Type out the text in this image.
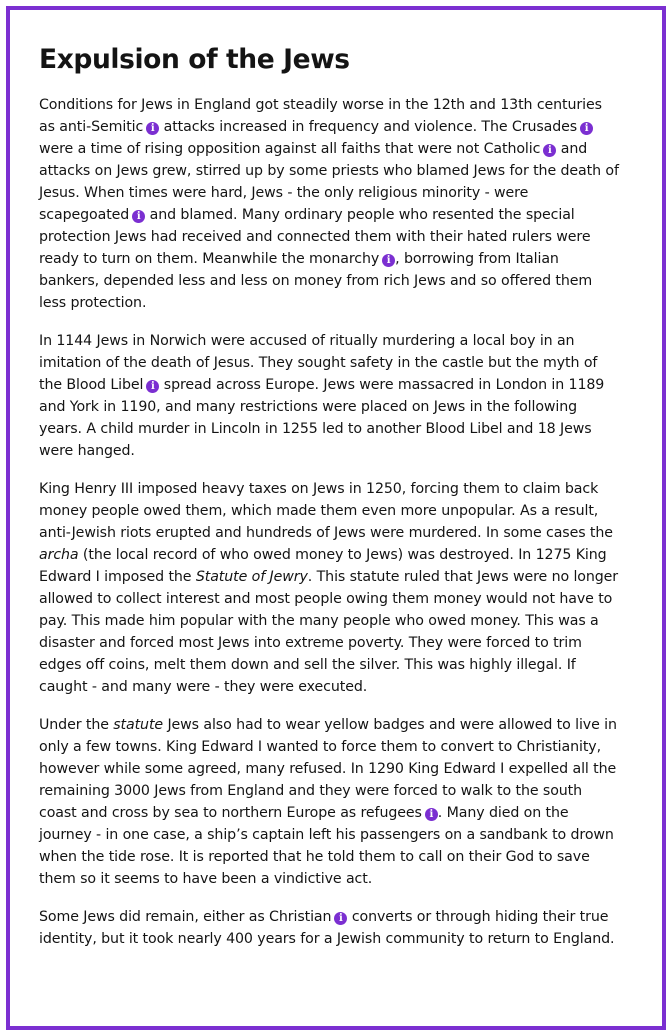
Expulsion of the Jews

Conditions for Jews in England got steadily worse in the 12th and 13th centuries as anti-Semitic i attacks increased in frequency and violence. The Crusades i were a time of rising opposition against all faiths that were not Catholic i and attacks on Jews grew, stirred up by some priests who blamed Jews for the death of Jesus. When times were hard, Jews - the only religious minority - were scapegoated i and blamed. Many ordinary people who resented the special protection Jews had received and connected them with their hated rulers were ready to turn on them. Meanwhile the monarchy i , borrowing from Italian bankers, depended less and less on money from rich Jews and so offered them less protection.

In 1144 Jews in Norwich were accused of ritually murdering a local boy in an imitation of the death of Jesus. They sought safety in the castle but the myth of the Blood Libel i spread across Europe. Jews were massacred in London in 1189 and York in 1190, and many restrictions were placed on Jews in the following years. A child murder in Lincoln in 1255 led to another Blood Libel and 18 Jews were hanged.

King Henry III imposed heavy taxes on Jews in 1250, forcing them to claim back money people owed them, which made them even more unpopular. As a result, anti-Jewish riots erupted and hundreds of Jews were murdered. In some cases the archa (the local record of who owed money to Jews) was destroyed. In 1275 King Edward I imposed the Statute of Jewry. This statute ruled that Jews were no longer allowed to collect interest and most people owing them money would not have to pay. This made him popular with the many people who owed money. This was a disaster and forced most Jews into extreme poverty. They were forced to trim edges off coins, melt them down and sell the silver. This was highly illegal. If caught - and many were - they were executed.

Under the statute Jews also had to wear yellow badges and were allowed to live in only a few towns. King Edward I wanted to force them to convert to Christianity, however while some agreed, many refused. In 1290 King Edward I expelled all the remaining 3000 Jews from England and they were forced to walk to the south coast and cross by sea to northern Europe as refugees i . Many died on the journey - in one case, a ship’s captain left his passengers on a sandbank to drown when the tide rose. It is reported that he told them to call on their God to save them so it seems to have been a vindictive act.

Some Jews did remain, either as Christian i converts or through hiding their true identity, but it took nearly 400 years for a Jewish community to return to England.
